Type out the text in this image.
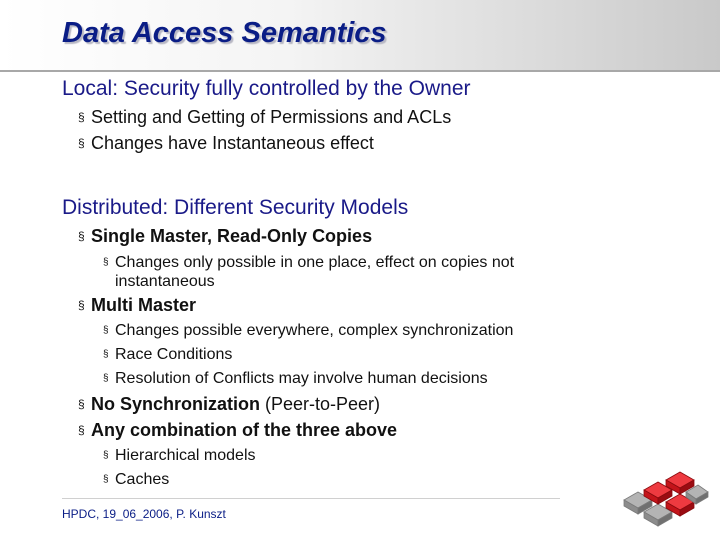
Data Access Semantics
Local: Security fully controlled by the Owner
§ Setting and Getting of Permissions and ACLs
§ Changes have Instantaneous effect
Distributed: Different Security Models
§ Single Master, Read-Only Copies
§ Changes only possible in one place, effect on copies not
instantaneous
§ Multi Master
§ Changes possible everywhere, complex synchronization
§ Race Conditions
§ Resolution of Conflicts may involve human decisions
§ No Synchronization (Peer-to-Peer)
§ Any combination of the three above
§ Hierarchical models
§ Caches
HPDC, 19_06_2006, P. Kunszt
